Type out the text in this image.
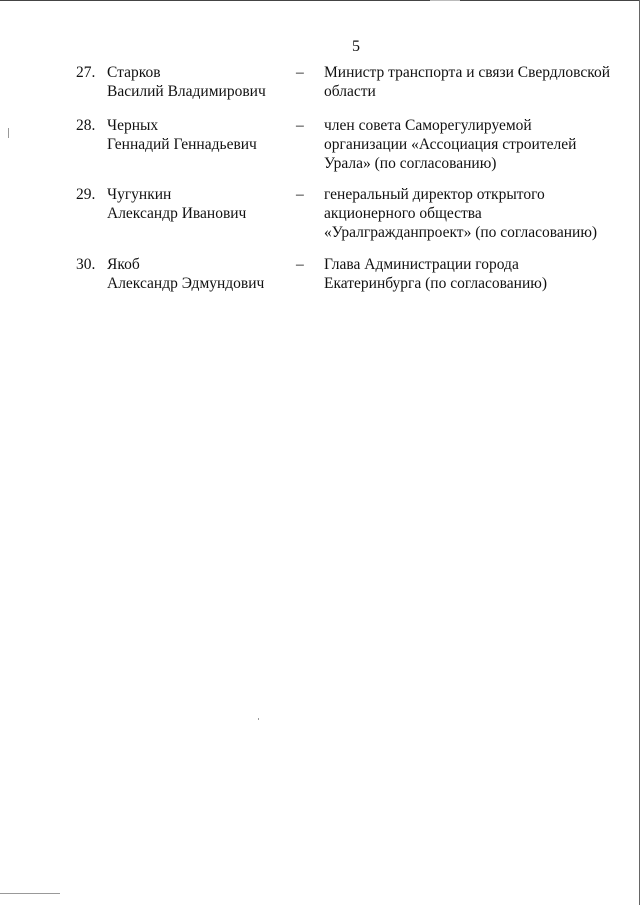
5
27. Старков
Василий Владимирович
– Министр транспорта и связи Свердловской
области
28. Черных
Геннадий Геннадьевич
– член совета Саморегулируемой
организации «Ассоциация строителей
Урала» (по согласованию)
29. Чугункин
Александр Иванович
– генеральный директор открытого
акционерного общества
«Уралгражданпроект» (по согласованию)
30. Якоб
Александр Эдмундович
– Глава Администрации города
Екатеринбурга (по согласованию)
